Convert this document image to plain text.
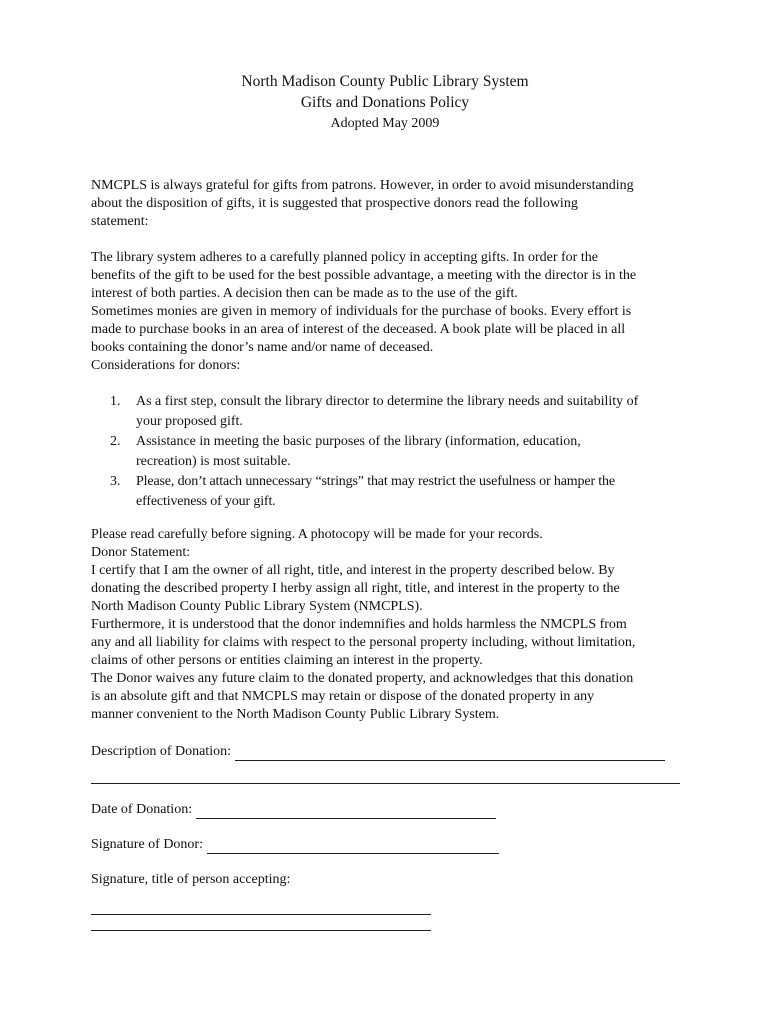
North Madison County Public Library System
Gifts and Donations Policy
Adopted May 2009
NMCPLS is always grateful for gifts from patrons. However, in order to avoid misunderstanding
about the disposition of gifts, it is suggested that prospective donors read the following
statement:
The library system adheres to a carefully planned policy in accepting gifts. In order for the
benefits of the gift to be used for the best possible advantage, a meeting with the director is in the
interest of both parties. A decision then can be made as to the use of the gift.
Sometimes monies are given in memory of individuals for the purchase of books. Every effort is
made to purchase books in an area of interest of the deceased. A book plate will be placed in all
books containing the donor’s name and/or name of deceased.
Considerations for donors:
1. As a first step, consult the library director to determine the library needs and suitability of
your proposed gift.
2. Assistance in meeting the basic purposes of the library (information, education,
recreation) is most suitable.
3. Please, don’t attach unnecessary “strings” that may restrict the usefulness or hamper the
effectiveness of your gift.
Please read carefully before signing. A photocopy will be made for your records.
Donor Statement:
I certify that I am the owner of all right, title, and interest in the property described below. By
donating the described property I herby assign all right, title, and interest in the property to the
North Madison County Public Library System (NMCPLS).
Furthermore, it is understood that the donor indemnifies and holds harmless the NMCPLS from
any and all liability for claims with respect to the personal property including, without limitation,
claims of other persons or entities claiming an interest in the property.
The Donor waives any future claim to the donated property, and acknowledges that this donation
is an absolute gift and that NMCPLS may retain or dispose of the donated property in any
manner convenient to the North Madison County Public Library System.
Description of Donation:
Date of Donation:
Signature of Donor:
Signature, title of person accepting:
